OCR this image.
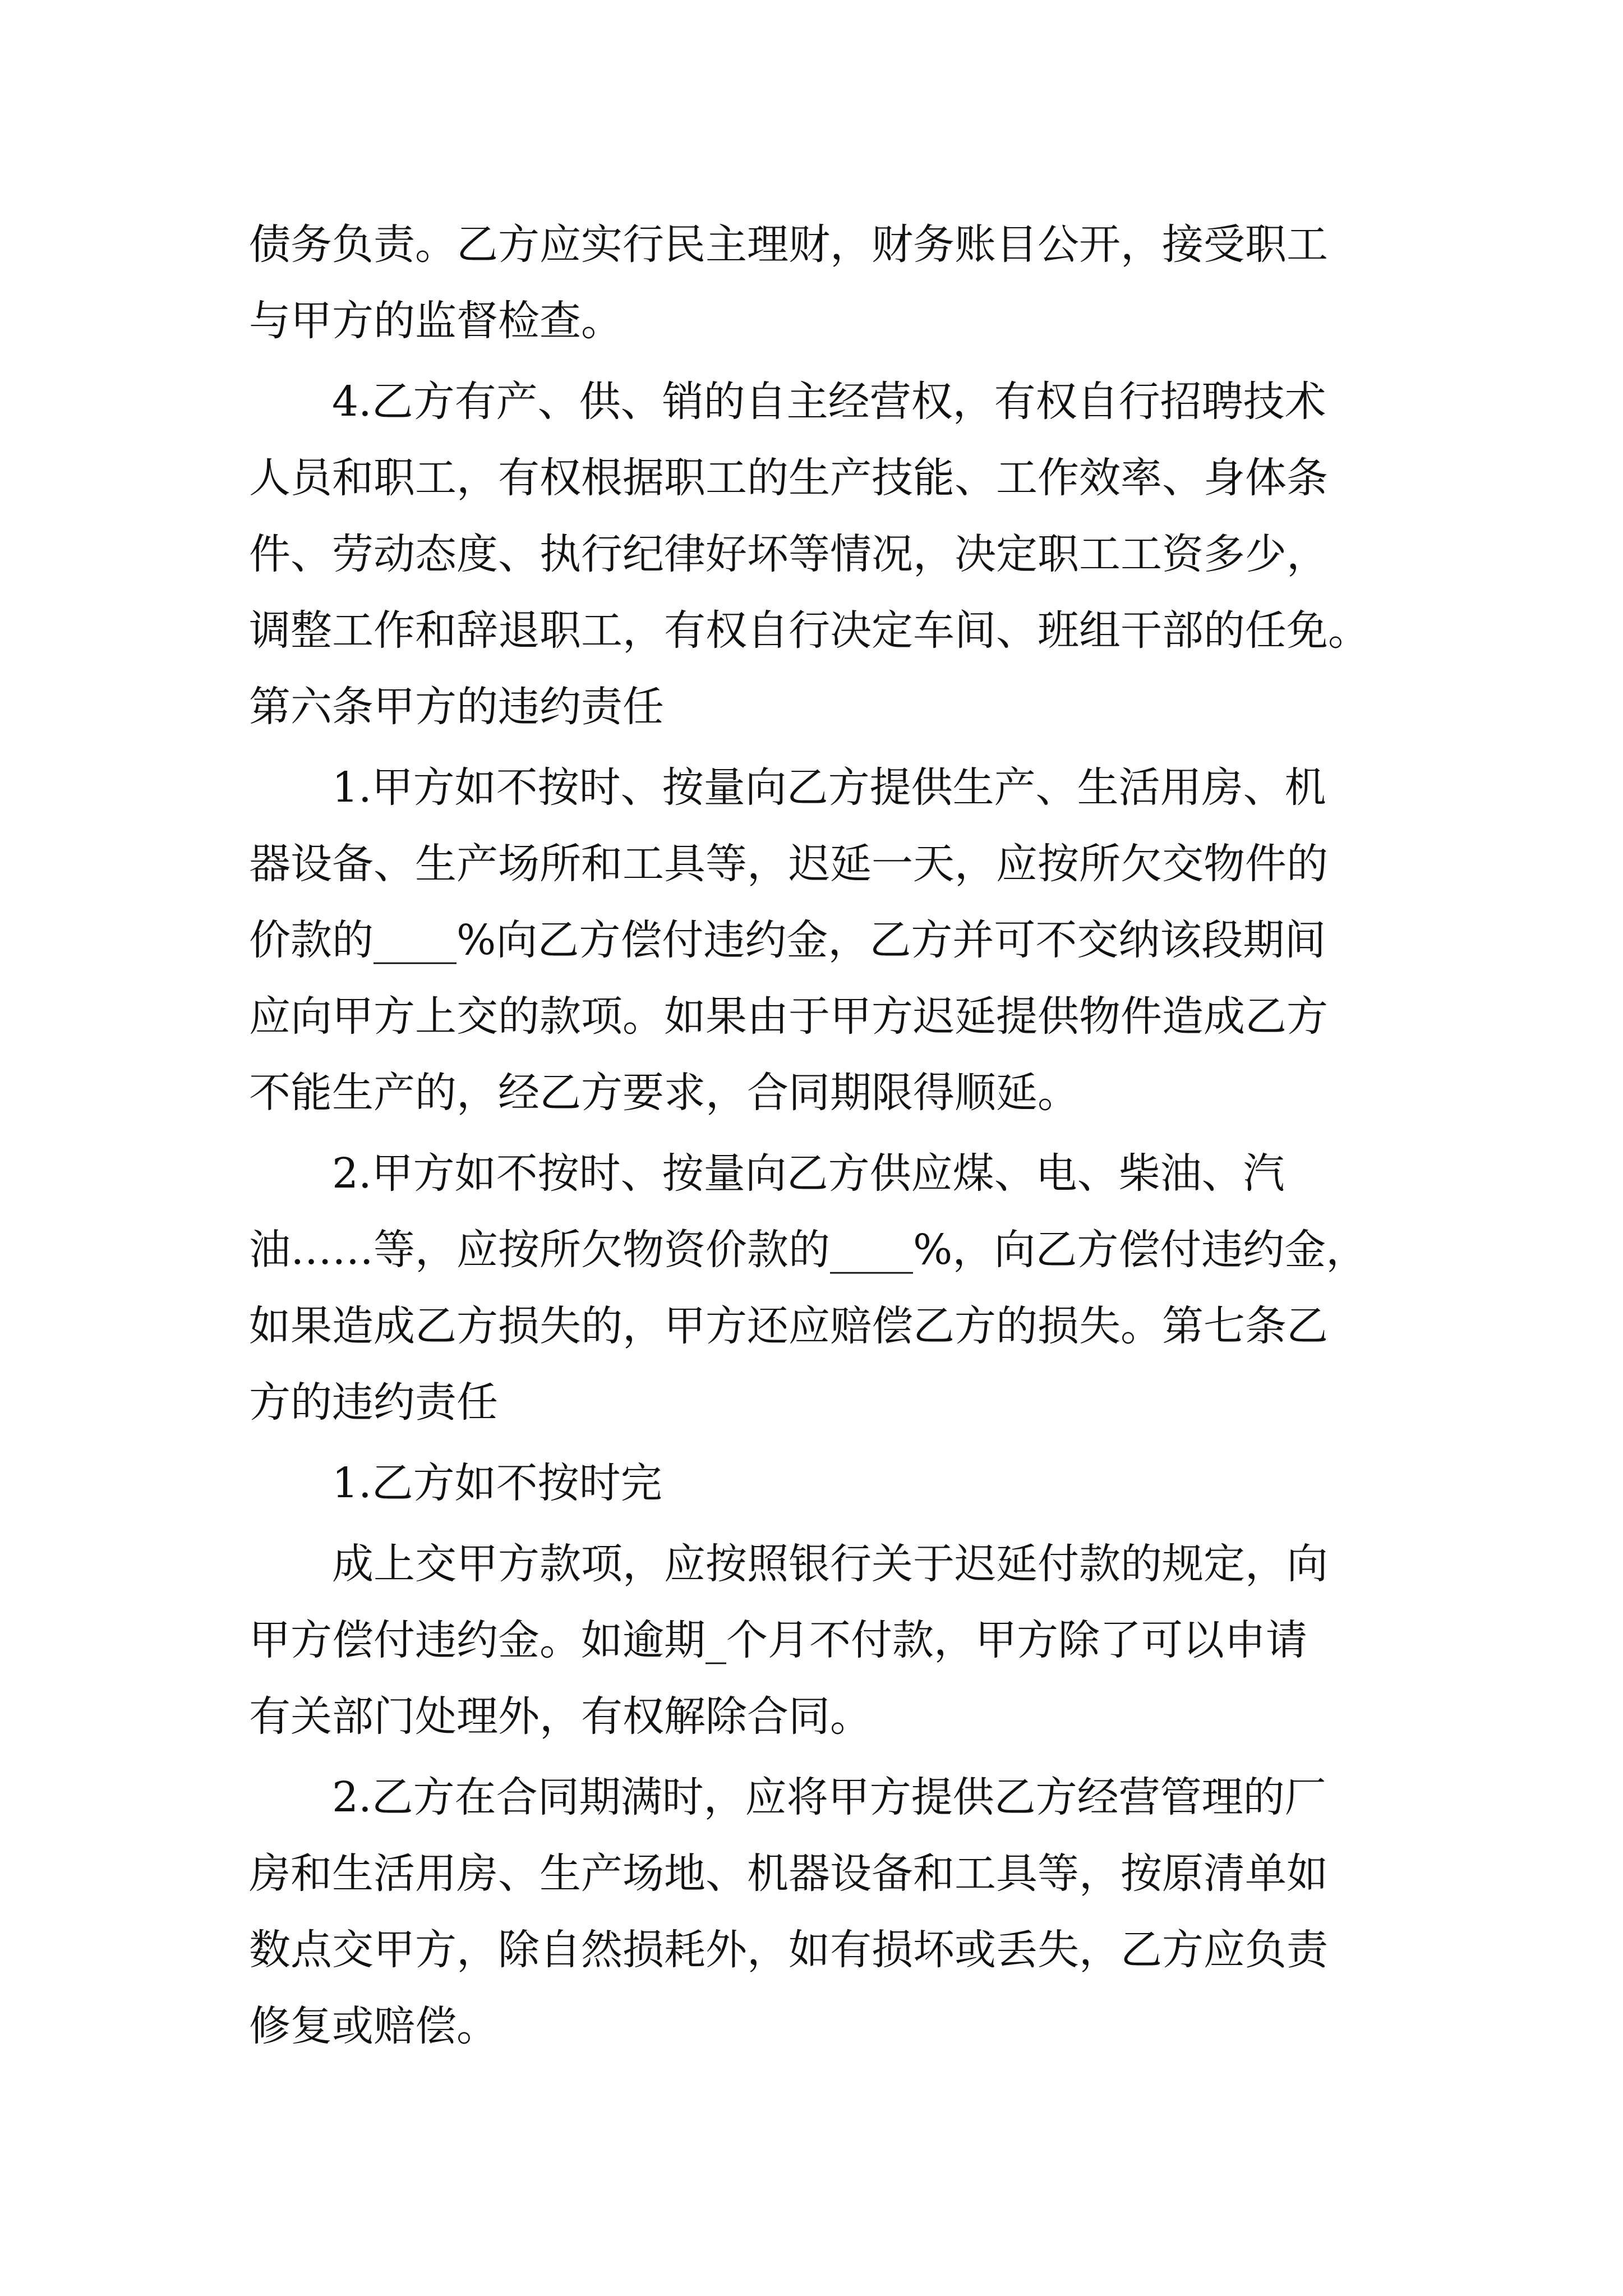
债务负责。乙方应实行民主理财，财务账目公开，接受职工

与甲方的监督检查。

4.乙方有产、供、销的自主经营权，有权自行招聘技术

人员和职工，有权根据职工的生产技能、工作效率、身体条

件、劳动态度、执行纪律好坏等情况，决定职工工资多少，

调整工作和辞退职工，有权自行决定车间、班组干部的任免。

第六条甲方的违约责任

1.甲方如不按时、按量向乙方提供生产、生活用房、机

器设备、生产场所和工具等，迟延一天，应按所欠交物件的

价款的____%向乙方偿付违约金，乙方并可不交纳该段期间

应向甲方上交的款项。如果由于甲方迟延提供物件造成乙方

不能生产的，经乙方要求，合同期限得顺延。

2.甲方如不按时、按量向乙方供应煤、电、柴油、汽

油……等，应按所欠物资价款的____%，向乙方偿付违约金，

如果造成乙方损失的，甲方还应赔偿乙方的损失。第七条乙

方的违约责任

1.乙方如不按时完

成上交甲方款项，应按照银行关于迟延付款的规定，向

甲方偿付违约金。如逾期_个月不付款，甲方除了可以申请

有关部门处理外，有权解除合同。

2.乙方在合同期满时，应将甲方提供乙方经营管理的厂

房和生活用房、生产场地、机器设备和工具等，按原清单如

数点交甲方，除自然损耗外，如有损坏或丢失，乙方应负责

修复或赔偿。
